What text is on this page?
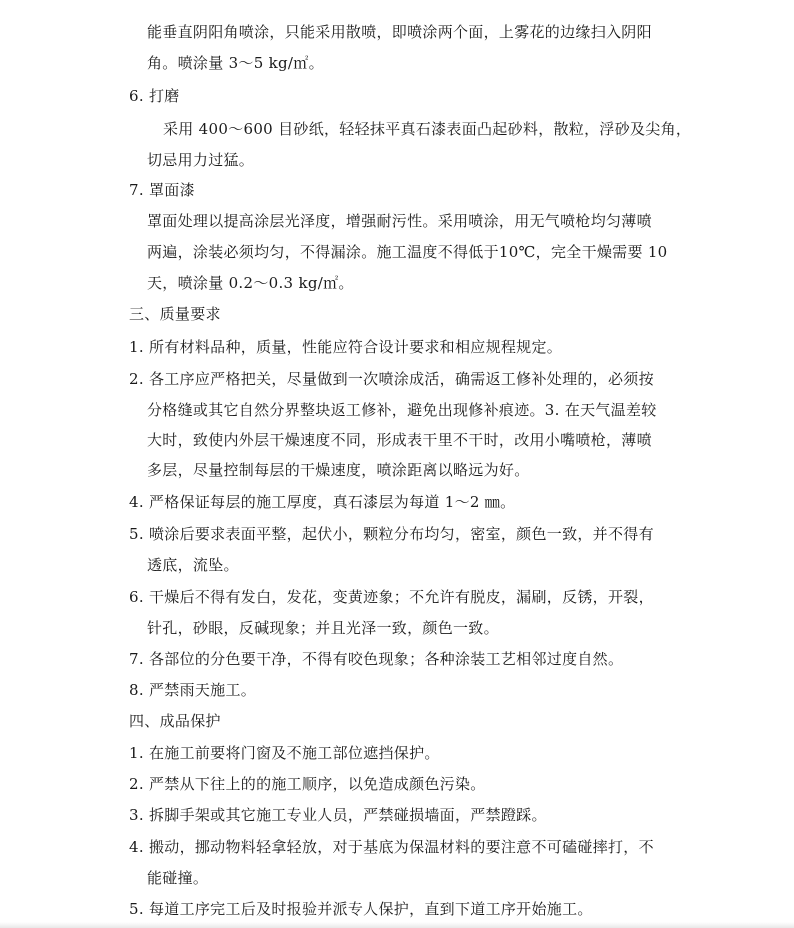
能垂直阴阳角喷涂，只能采用散喷，即喷涂两个面，上雾花的边缘扫入阴阳
角。喷涂量 3～5 kg/㎡。
6. 打磨
采用 400～600 目砂纸，轻轻抹平真石漆表面凸起砂料，散粒，浮砂及尖角，
切忌用力过猛。
7. 罩面漆
罩面处理以提高涂层光泽度，增强耐污性。采用喷涂，用无气喷枪均匀薄喷
两遍，涂装必须均匀，不得漏涂。施工温度不得低于10℃，完全干燥需要 10
天，喷涂量 0.2～0.3 kg/㎡。
三、质量要求
1. 所有材料品种，质量，性能应符合设计要求和相应规程规定。
2. 各工序应严格把关，尽量做到一次喷涂成活，确需返工修补处理的，必须按
分格缝或其它自然分界整块返工修补，避免出现修补痕迹。3. 在天气温差较
大时，致使内外层干燥速度不同，形成表干里不干时，改用小嘴喷枪，薄喷
多层，尽量控制每层的干燥速度，喷涂距离以略远为好。
4. 严格保证每层的施工厚度，真石漆层为每道 1～2 ㎜。
5. 喷涂后要求表面平整，起伏小，颗粒分布均匀，密室，颜色一致，并不得有
透底，流坠。
6. 干燥后不得有发白，发花，变黄迹象；不允许有脱皮，漏刷，反锈，开裂，
针孔，砂眼，反碱现象；并且光泽一致，颜色一致。
7. 各部位的分色要干净，不得有咬色现象；各种涂装工艺相邻过度自然。
8. 严禁雨天施工。
四、成品保护
1. 在施工前要将门窗及不施工部位遮挡保护。
2. 严禁从下往上的的施工顺序，以免造成颜色污染。
3. 拆脚手架或其它施工专业人员，严禁碰损墙面，严禁蹬踩。
4. 搬动，挪动物料轻拿轻放，对于基底为保温材料的要注意不可磕碰摔打，不
能碰撞。
5. 每道工序完工后及时报验并派专人保护，直到下道工序开始施工。
